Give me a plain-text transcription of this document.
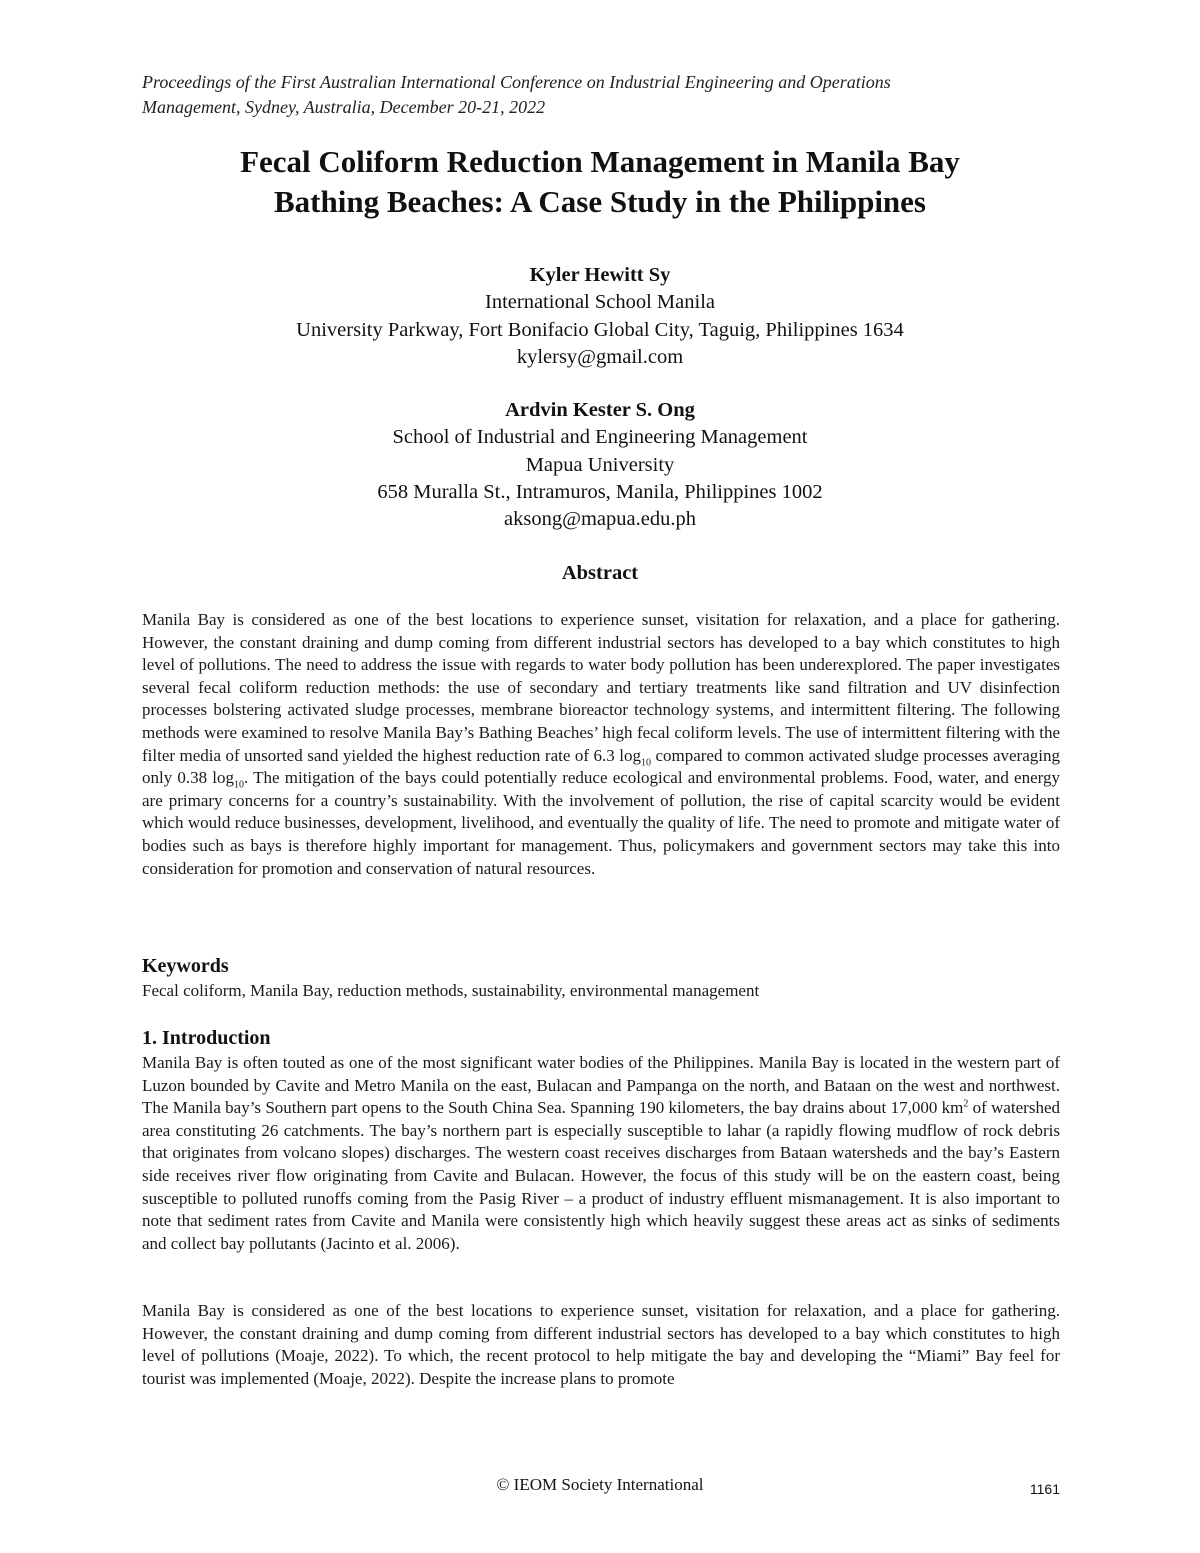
Proceedings of the First Australian International Conference on Industrial Engineering and Operations
Management, Sydney, Australia, December 20-21, 2022
Fecal Coliform Reduction Management in Manila Bay
Bathing Beaches: A Case Study in the Philippines
Kyler Hewitt Sy
International School Manila
University Parkway, Fort Bonifacio Global City, Taguig, Philippines 1634
kylersy@gmail.com
Ardvin Kester S. Ong
School of Industrial and Engineering Management
Mapua University
658 Muralla St., Intramuros, Manila, Philippines 1002
aksong@mapua.edu.ph
Abstract
Manila Bay is considered as one of the best locations to experience sunset, visitation for relaxation, and a place for gathering. However, the constant draining and dump coming from different industrial sectors has developed to a bay which constitutes to high level of pollutions. The need to address the issue with regards to water body pollution has been underexplored. The paper investigates several fecal coliform reduction methods: the use of secondary and tertiary treatments like sand filtration and UV disinfection processes bolstering activated sludge processes, membrane bioreactor technology systems, and intermittent filtering. The following methods were examined to resolve Manila Bay’s Bathing Beaches’ high fecal coliform levels. The use of intermittent filtering with the filter media of unsorted sand yielded the highest reduction rate of 6.3 $\log_{10}$ compared to common activated sludge processes averaging only 0.38 $\log_{10}$. The mitigation of the bays could potentially reduce ecological and environmental problems. Food, water, and energy are primary concerns for a country’s sustainability. With the involvement of pollution, the rise of capital scarcity would be evident which would reduce businesses, development, livelihood, and eventually the quality of life. The need to promote and mitigate water of bodies such as bays is therefore highly important for management. Thus, policymakers and government sectors may take this into consideration for promotion and conservation of natural resources.
Keywords
Fecal coliform, Manila Bay, reduction methods, sustainability, environmental management
1. Introduction
Manila Bay is often touted as one of the most significant water bodies of the Philippines. Manila Bay is located in the western part of Luzon bounded by Cavite and Metro Manila on the east, Bulacan and Pampanga on the north, and Bataan on the west and northwest. The Manila bay’s Southern part opens to the South China Sea. Spanning 190 kilometers, the bay drains about 17,000 $km^2$ of watershed area constituting 26 catchments. The bay’s northern part is especially susceptible to lahar (a rapidly flowing mudflow of rock debris that originates from volcano slopes) discharges. The western coast receives discharges from Bataan watersheds and the bay’s Eastern side receives river flow originating from Cavite and Bulacan. However, the focus of this study will be on the eastern coast, being susceptible to polluted runoffs coming from the Pasig River – a product of industry effluent mismanagement. It is also important to note that sediment rates from Cavite and Manila were consistently high which heavily suggest these areas act as sinks of sediments and collect bay pollutants (Jacinto et al. 2006).
Manila Bay is considered as one of the best locations to experience sunset, visitation for relaxation, and a place for gathering. However, the constant draining and dump coming from different industrial sectors has developed to a bay which constitutes to high level of pollutions (Moaje, 2022). To which, the recent protocol to help mitigate the bay and developing the “Miami” Bay feel for tourist was implemented (Moaje, 2022). Despite the increase plans to promote
© IEOM Society International	1161
